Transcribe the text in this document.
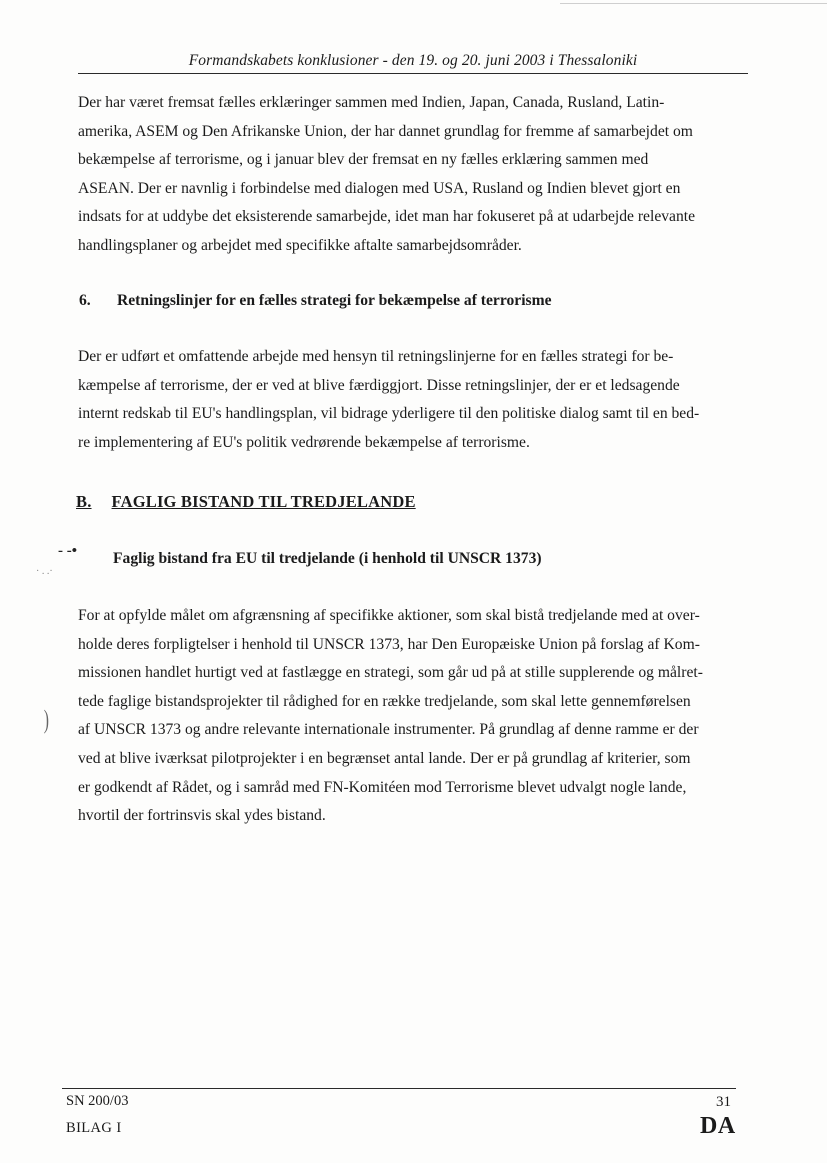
Formandskabets konklusioner - den 19. og 20. juni 2003 i Thessaloniki
Der har været fremsat fælles erklæringer sammen med Indien, Japan, Canada, Rusland, Latin-
amerika, ASEM og Den Afrikanske Union, der har dannet grundlag for fremme af samarbejdet om
bekæmpelse af terrorisme, og i januar blev der fremsat en ny fælles erklæring sammen med
ASEAN. Der er navnlig i forbindelse med dialogen med USA, Rusland og Indien blevet gjort en
indsats for at uddybe det eksisterende samarbejde, idet man har fokuseret på at udarbejde relevante
handlingsplaner og arbejdet med specifikke aftalte samarbejdsområder.
6. Retningslinjer for en fælles strategi for bekæmpelse af terrorisme
Der er udført et omfattende arbejde med hensyn til retningslinjerne for en fælles strategi for be-
kæmpelse af terrorisme, der er ved at blive færdiggjort. Disse retningslinjer, der er et ledsagende
internt redskab til EU's handlingsplan, vil bidrage yderligere til den politiske dialog samt til en bed-
re implementering af EU's politik vedrørende bekæmpelse af terrorisme.
B. FAGLIG BISTAND TIL TREDJELANDE
‑ ‑•
· . .·
Faglig bistand fra EU til tredjelande (i henhold til UNSCR 1373)
For at opfylde målet om afgrænsning af specifikke aktioner, som skal bistå tredjelande med at over-
holde deres forpligtelser i henhold til UNSCR 1373, har Den Europæiske Union på forslag af Kom-
missionen handlet hurtigt ved at fastlægge en strategi, som går ud på at stille supplerende og målret-
tede faglige bistandsprojekter til rådighed for en række tredjelande, som skal lette gennemførelsen
af UNSCR 1373 og andre relevante internationale instrumenter. På grundlag af denne ramme er der
ved at blive iværksat pilotprojekter i en begrænset antal lande. Der er på grundlag af kriterier, som
er godkendt af Rådet, og i samråd med FN-Komitéen mod Terrorisme blevet udvalgt nogle lande,
hvortil der fortrinsvis skal ydes bistand.
)
SN 200/03
BILAG I
31
DA
